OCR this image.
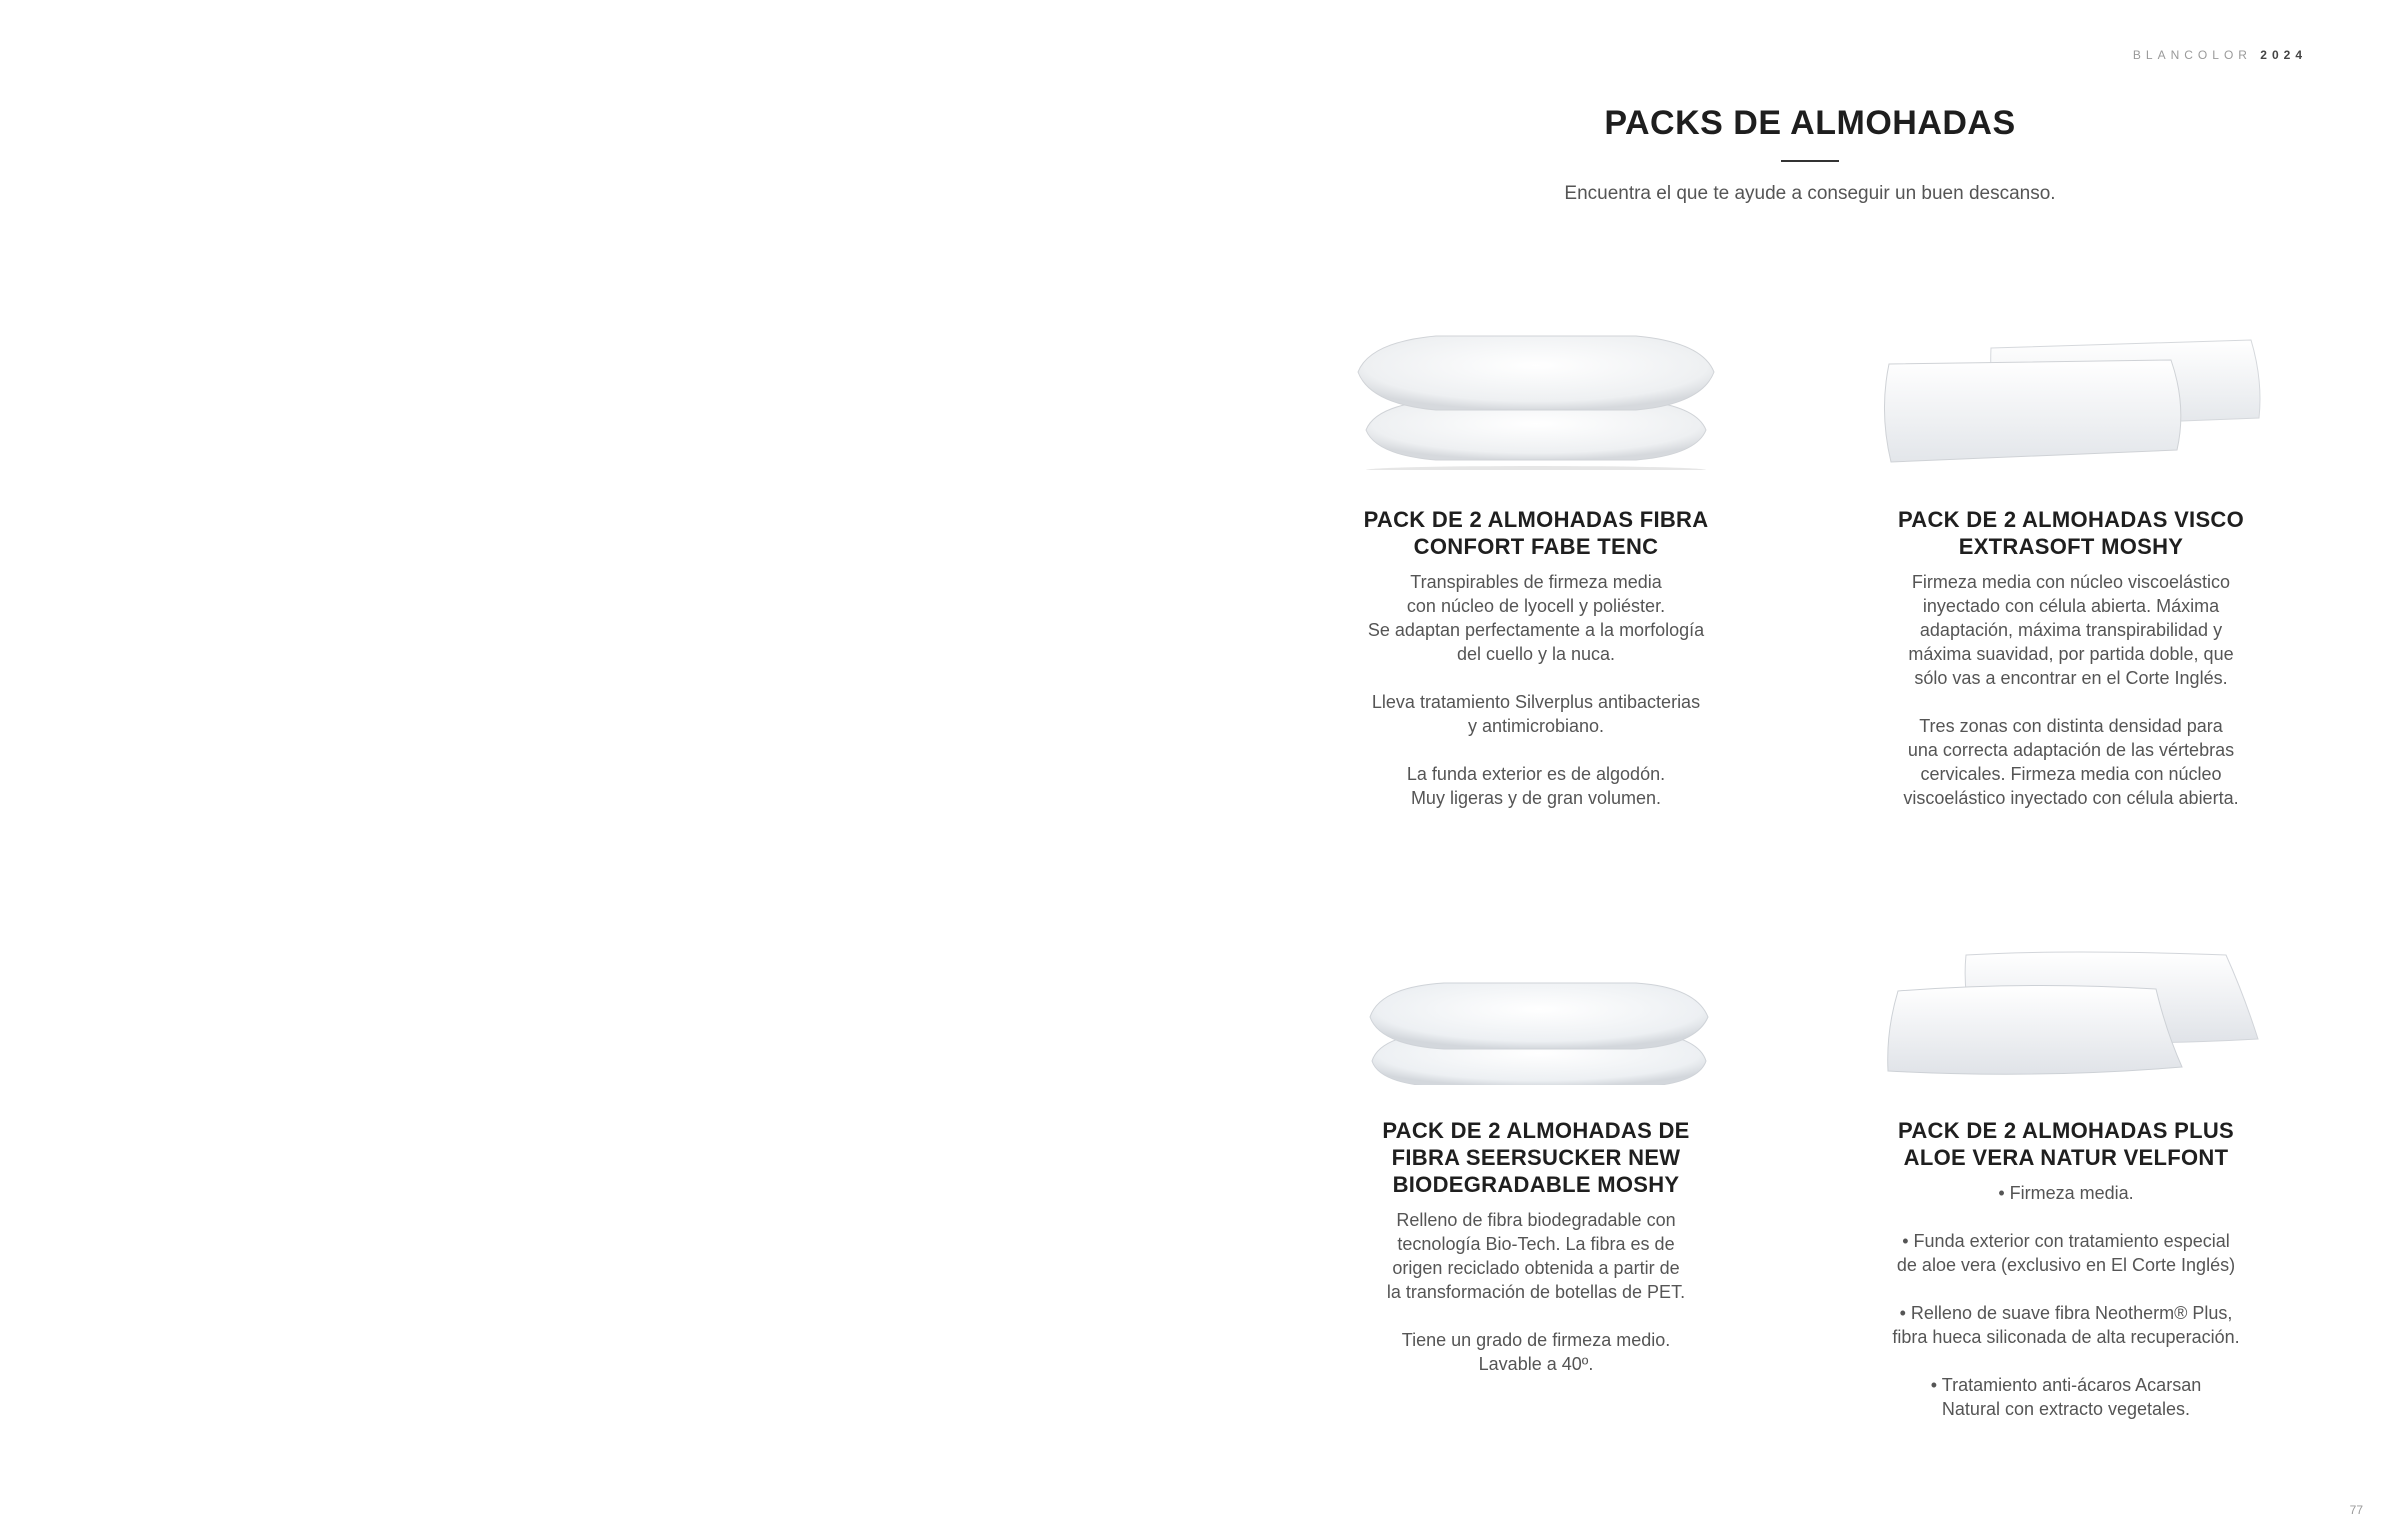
BLANCOLOR 2024
PACKS DE ALMOHADAS
Encuentra el que te ayude a conseguir un buen descanso.
PACK DE 2 ALMOHADAS FIBRA
CONFORT FABE TENC

Transpirables de firmeza media
con núcleo de lyocell y poliéster.
Se adaptan perfectamente a la morfología
del cuello y la nuca.

Lleva tratamiento Silverplus antibacterias
y antimicrobiano.

La funda exterior es de algodón.
Muy ligeras y de gran volumen.

PACK DE 2 ALMOHADAS VISCO
EXTRASOFT MOSHY

Firmeza media con núcleo viscoelástico
inyectado con célula abierta. Máxima
adaptación, máxima transpirabilidad y
máxima suavidad, por partida doble, que
sólo vas a encontrar en el Corte Inglés.

Tres zonas con distinta densidad para
una correcta adaptación de las vértebras
cervicales. Firmeza media con núcleo
viscoelástico inyectado con célula abierta.

PACK DE 2 ALMOHADAS DE
FIBRA SEERSUCKER NEW
BIODEGRADABLE MOSHY

Relleno de fibra biodegradable con
tecnología Bio-Tech. La fibra es de
origen reciclado obtenida a partir de
la transformación de botellas de PET.

Tiene un grado de firmeza medio.
Lavable a 40º.

PACK DE 2 ALMOHADAS PLUS
ALOE VERA NATUR VELFONT

• Firmeza media.

• Funda exterior con tratamiento especial
de aloe vera (exclusivo en El Corte Inglés)

• Relleno de suave fibra Neotherm® Plus,
fibra hueca siliconada de alta recuperación.

• Tratamiento anti-ácaros Acarsan
Natural con extracto vegetales.

77
